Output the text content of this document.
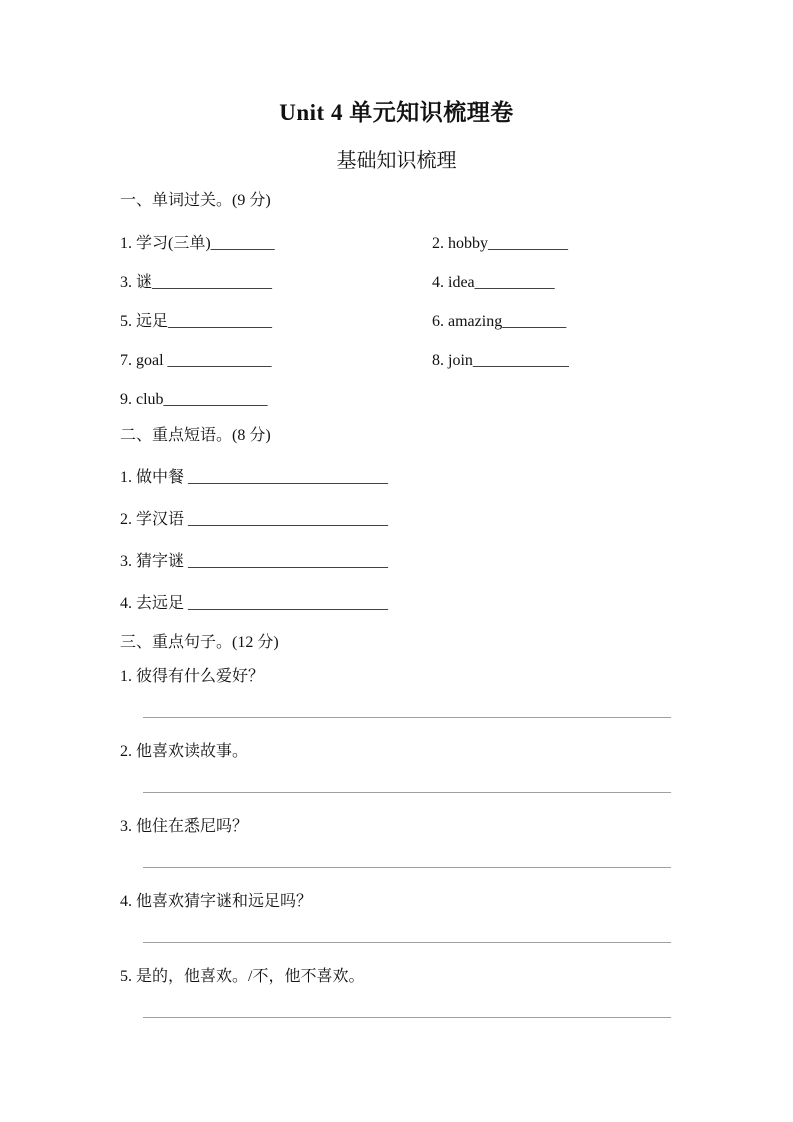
Unit 4 单元知识梳理卷
基础知识梳理
一、单词过关。(9 分)
1. 学习(三单)________	2. hobby__________
3. 谜_______________	4. idea__________
5. 远足_____________	6. amazing________
7. goal _____________	8. join____________
9. club_____________
二、重点短语。(8 分)
1. 做中餐 _________________________
2. 学汉语 _________________________
3. 猜字谜 _________________________
4. 去远足 _________________________
三、重点句子。(12 分)
1. 彼得有什么爱好？
__________________________________________________________________
2. 他喜欢读故事。
__________________________________________________________________
3. 他住在悉尼吗？
__________________________________________________________________
4. 他喜欢猜字谜和远足吗？
__________________________________________________________________
5. 是的，他喜欢。/不，他不喜欢。
__________________________________________________________________
